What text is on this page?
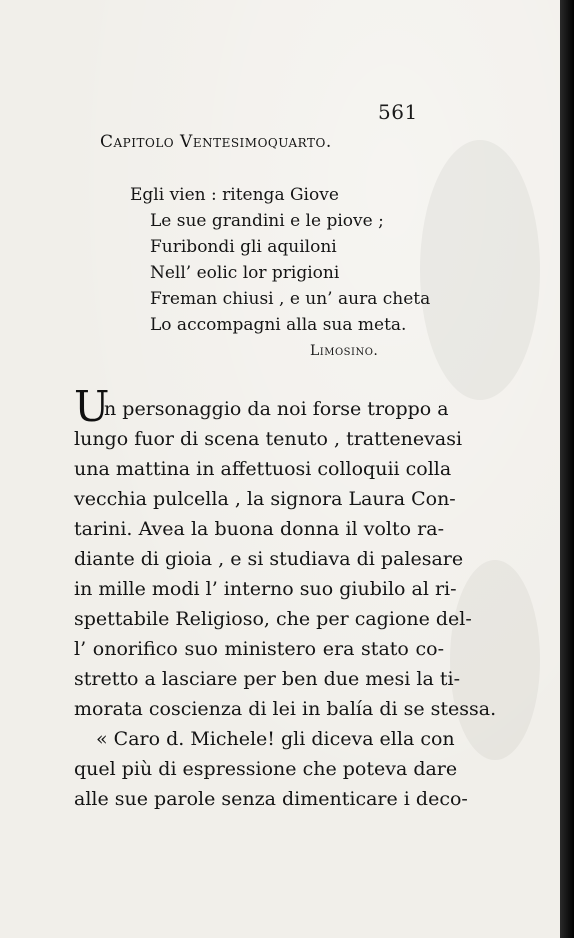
561
Capitolo Ventesimoquarto.
Egli vien : ritenga Giove
Le sue grandini e le piove ;
Furibondi gli aquiloni
Nell’ eolic lor prigioni
Freman chiusi , e un’ aura cheta
Lo accompagni alla sua meta.
Limosino.
U
n personaggio da noi forse troppo a
lungo fuor di scena tenuto , trattenevasi
una mattina in affettuosi colloquii colla
vecchia pulcella , la signora Laura Con-
tarini. Avea la buona donna il volto ra-
diante di gioia , e si studiava di palesare
in mille modi l’ interno suo giubilo al ri-
spettabile Religioso, che per cagione del-
l’ onorifico suo ministero era stato co-
stretto a lasciare per ben due mesi la ti-
morata coscienza di lei in balía di se stessa.
« Caro d. Michele! gli diceva ella con
quel più di espressione che poteva dare
alle sue parole senza dimenticare i deco-
